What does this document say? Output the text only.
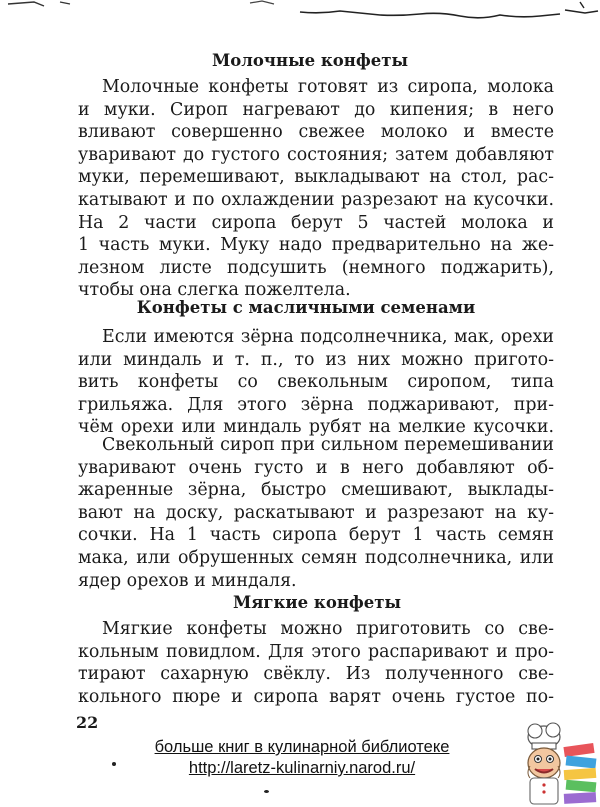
Молочные конфеты
Молочные конфеты готовят из сиропа, молока
и муки. Сироп нагревают до кипения; в него
вливают совершенно свежее молоко и вместе
уваривают до густого состояния; затем добавляют
муки, перемешивают, выкладывают на стол, рас-
катывают и по охлаждении разрезают на кусочки.
На 2 части сиропа берут 5 частей молока и
1 часть муки. Муку надо предварительно на же-
лезном листе подсушить (немного поджарить),
чтобы она слегка пожелтела.
Конфеты с масличными семенами
Если имеются зёрна подсолнечника, мак, орехи
или миндаль и т. п., то из них можно пригото-
вить конфеты со свекольным сиропом, типа
грильяжа. Для этого зёрна поджаривают, при-
чём орехи или миндаль рубят на мелкие кусочки.
Свекольный сироп при сильном перемешивании
уваривают очень густо и в него добавляют об-
жаренные зёрна, быстро смешивают, выклады-
вают на доску, раскатывают и разрезают на ку-
сочки. На 1 часть сиропа берут 1 часть семян
мака, или обрушенных семян подсолнечника, или
ядер орехов и миндаля.
Мягкие конфеты
Мягкие конфеты можно приготовить со све-
кольным повидлом. Для этого распаривают и про-
тирают сахарную свёклу. Из полученного све-
кольного пюре и сиропа варят очень густое по-
22
больше книг в кулинарной библиотеке
http://laretz-kulinarniy.narod.ru/
